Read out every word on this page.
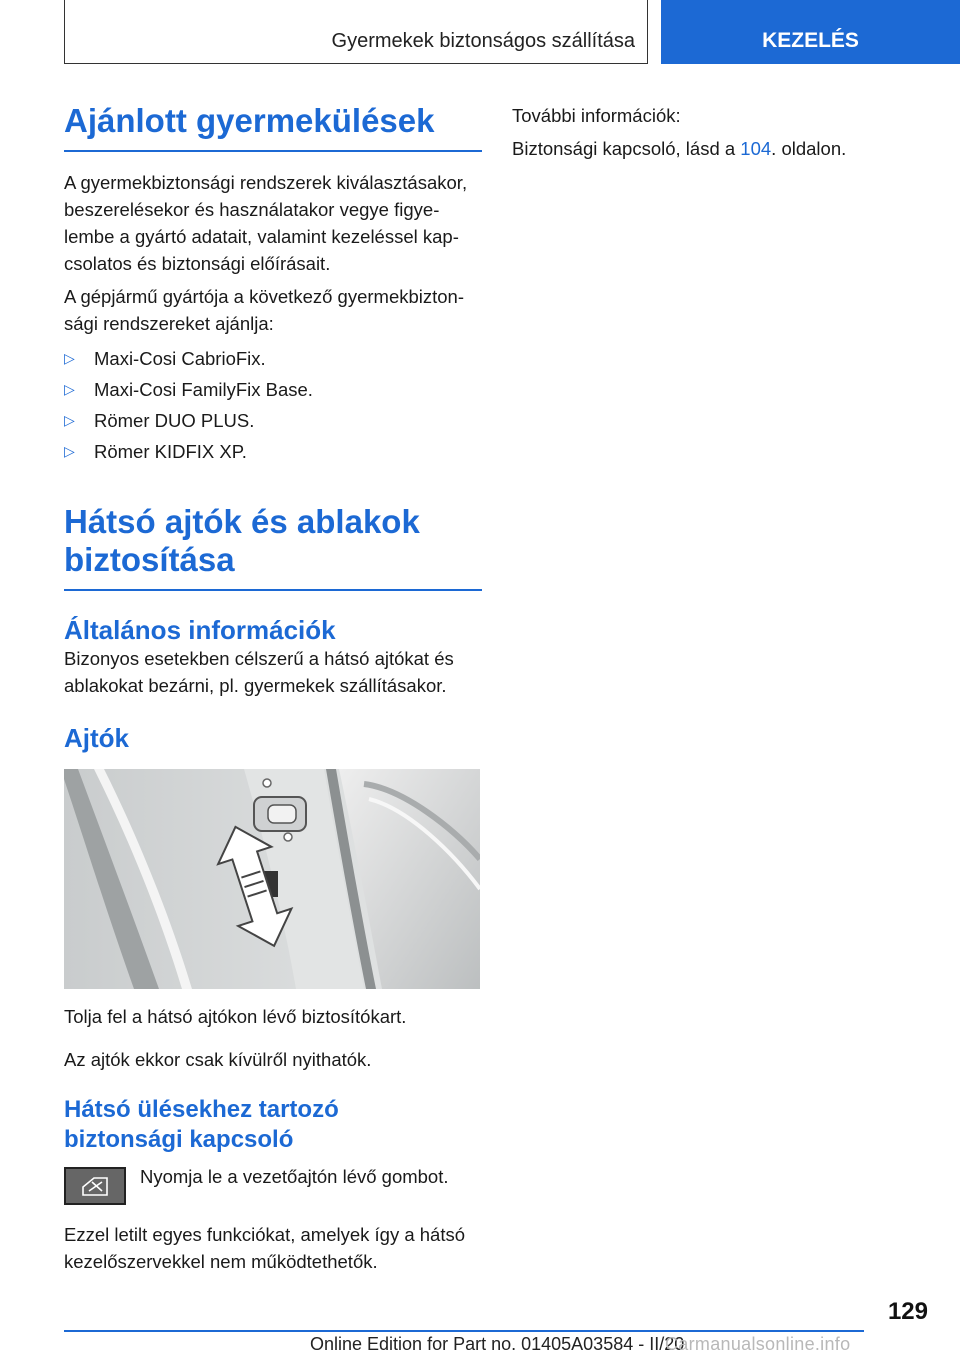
Gyermekek biztonságos szállítása	KEZELÉS
Ajánlott gyermekülések

A gyermekbiztonsági rendszerek kiválasztásakor, beszerelésekor és használatakor vegye figyelembe a gyártó adatait, valamint kezeléssel kapcsolatos és biztonsági előírásait.

A gépjármű gyártója a következő gyermekbiztonsági rendszereket ajánlja:

▷	Maxi-Cosi CabrioFix.
▷	Maxi-Cosi FamilyFix Base.
▷	Römer DUO PLUS.
▷	Römer KIDFIX XP.
Hátsó ajtók és ablakok
biztosítása
Általános információk

Bizonyos esetekben célszerű a hátsó ajtókat és ablakokat bezárni, pl. gyermekek szállításakor.

Ajtók

Tolja fel a hátsó ajtókon lévő biztosítókart.

Az ajtók ekkor csak kívülről nyithatók.

Hátsó ülésekhez tartozó
biztonsági kapcsoló

Nyomja le a vezetőajtón lévő gombot.

Ezzel letilt egyes funkciókat, amelyek így a hátsó kezelőszervekkel nem működtethetők.

További információk:

Biztonsági kapcsoló, lásd a 104. oldalon.

129
Online Edition for Part no. 01405A03584 - II/20
Carmanualsonline.info
